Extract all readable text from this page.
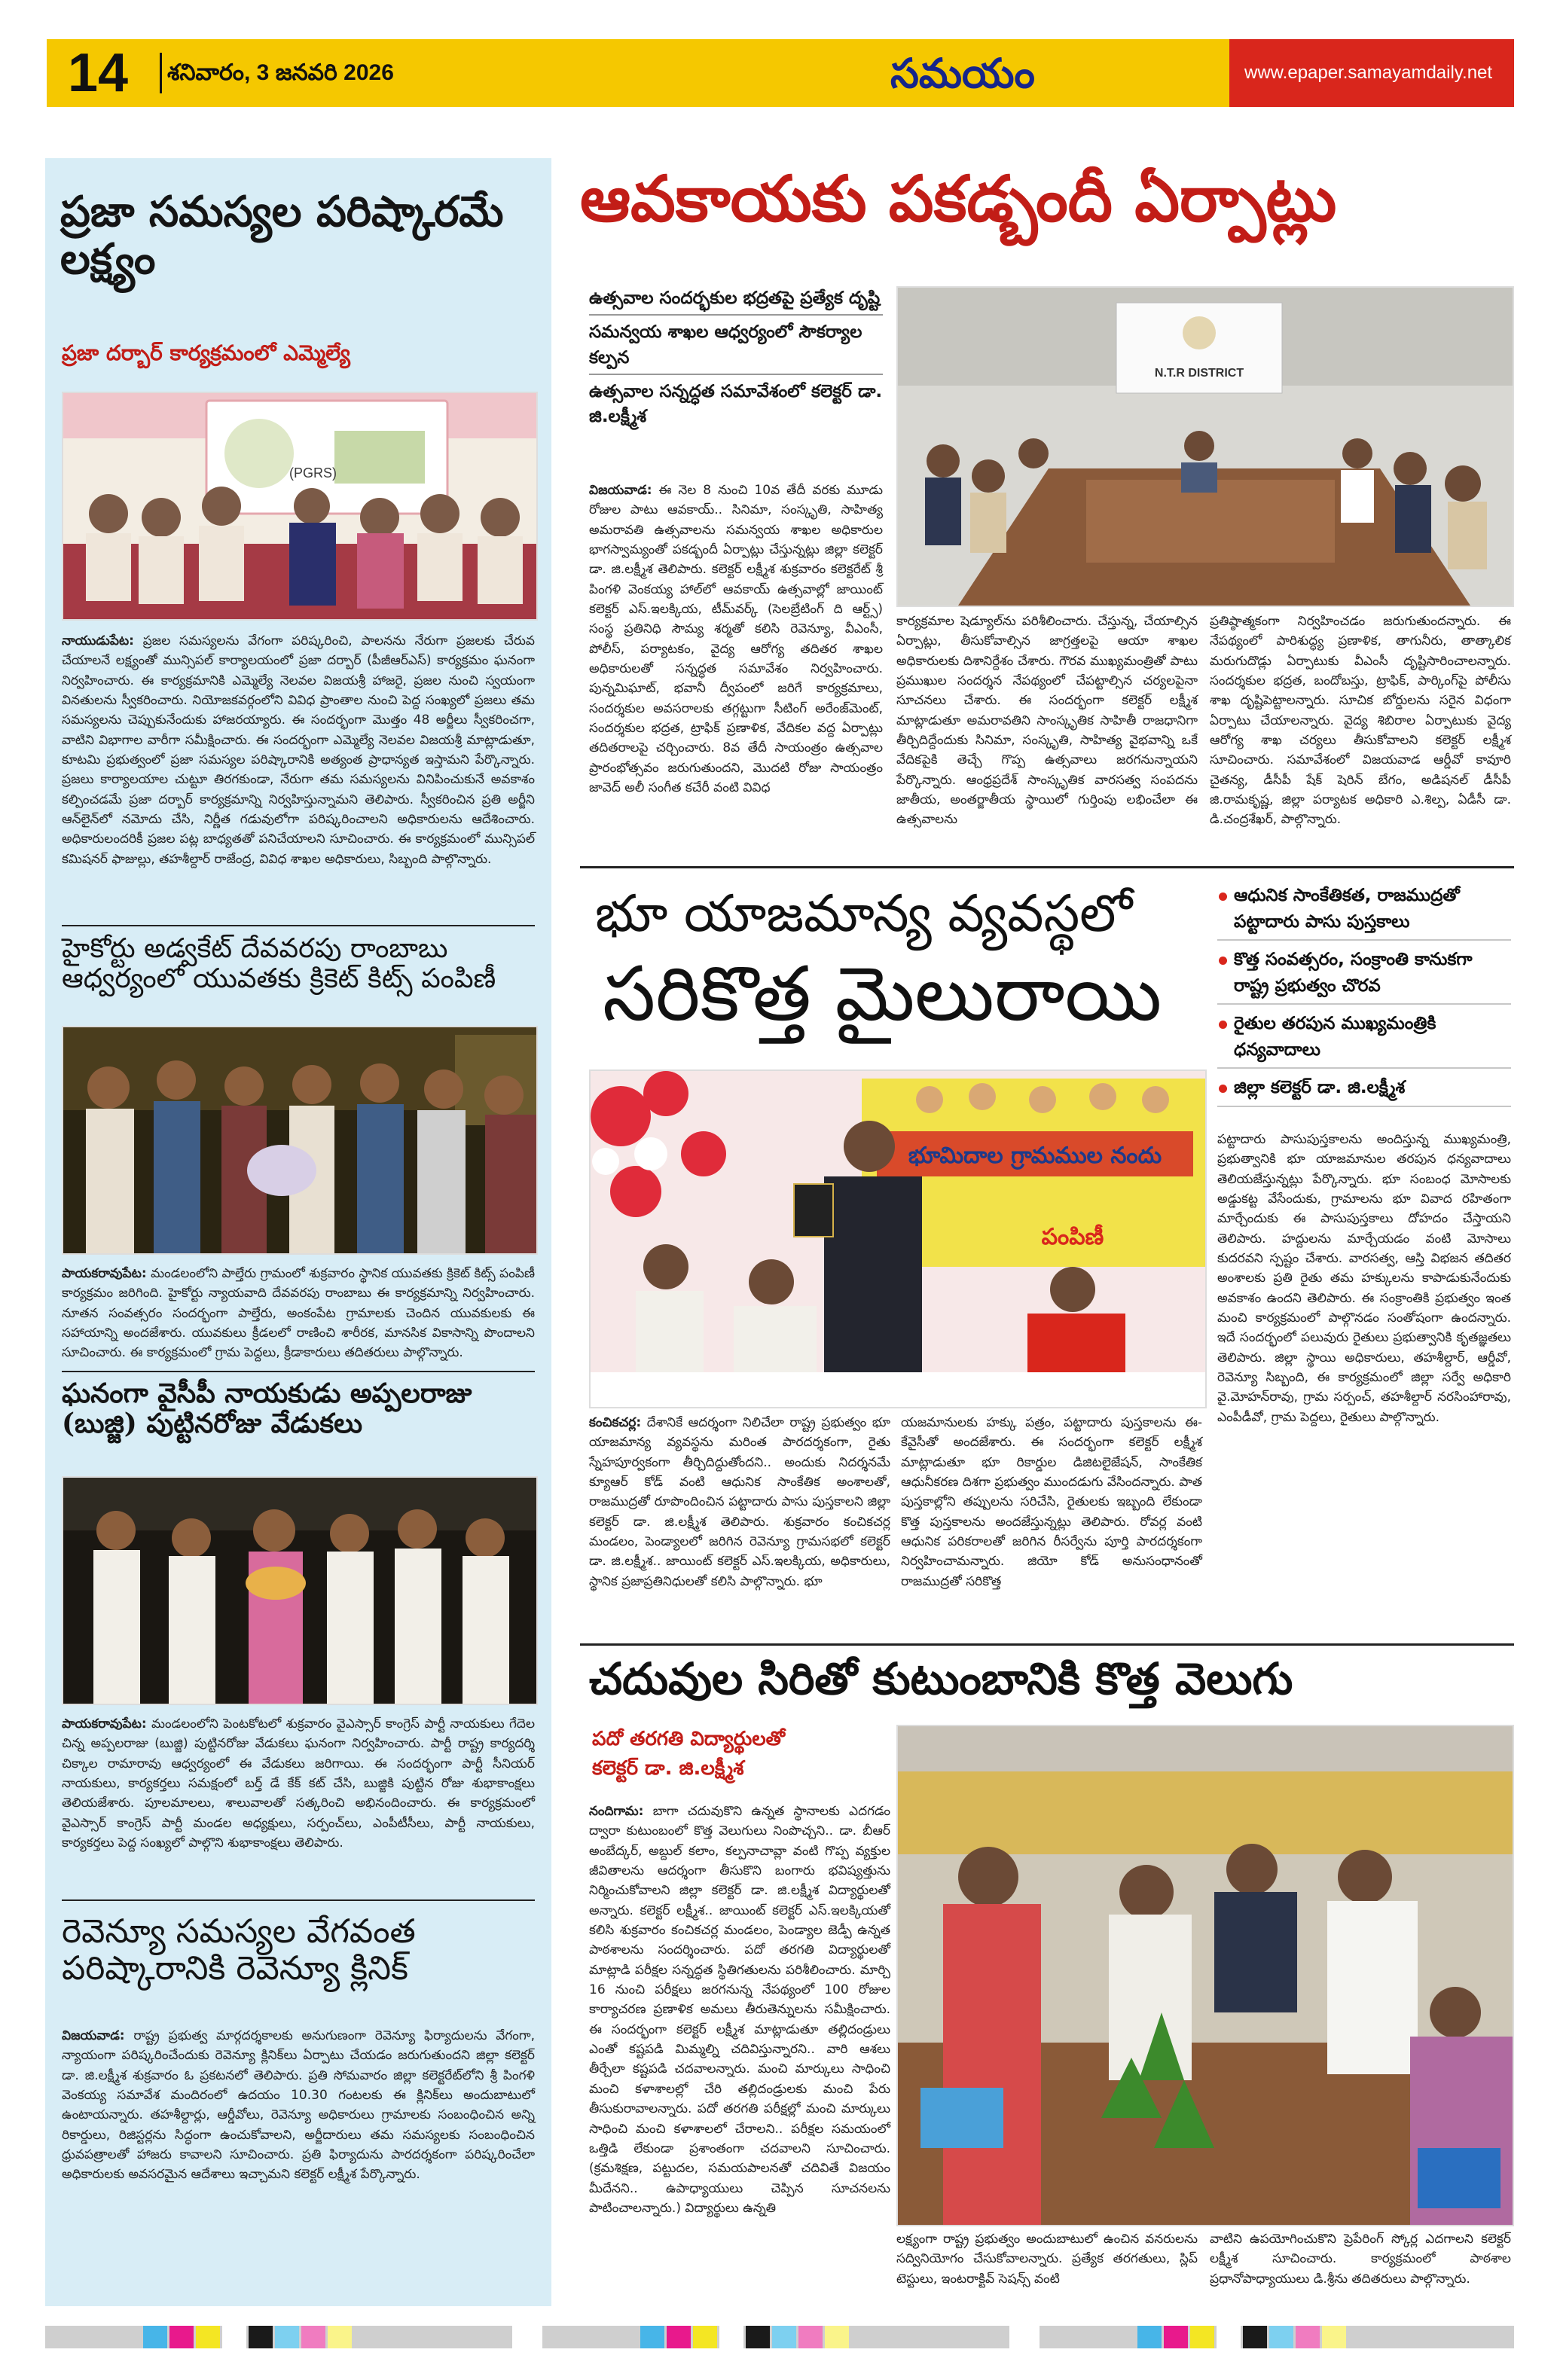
14	శనివారం, 3 జనవరి 2026	సమయం	www.epaper.samayamdaily.net
ప్రజా సమస్యల పరిష్కారమే లక్ష్యం
ప్రజా దర్బార్ కార్యక్రమంలో ఎమ్మెల్యే
(PGRS)
నాయుడుపేట: ప్రజల సమస్యలను వేగంగా పరిష్కరించి, పాలనను నేరుగా ప్రజలకు చేరువ చేయాలనే లక్ష్యంతో మున్సిపల్ కార్యాలయంలో ప్రజా దర్బార్ (పీజీఆర్ఎస్) కార్యక్రమం ఘనంగా నిర్వహించారు. ఈ కార్యక్రమానికి ఎమ్మెల్యే నెలవల విజయశ్రీ హాజరై, ప్రజల నుంచి స్వయంగా వినతులను స్వీకరించారు. నియోజకవర్గంలోని వివిధ ప్రాంతాల నుంచి పెద్ద సంఖ్యలో ప్రజలు తమ సమస్యలను చెప్పుకునేందుకు హాజరయ్యారు. ఈ సందర్భంగా మొత్తం 48 అర్జీలు స్వీకరించగా, వాటిని విభాగాల వారీగా సమీక్షించారు. ఈ సందర్భంగా ఎమ్మెల్యే నెలవల విజయశ్రీ మాట్లాడుతూ, కూటమి ప్రభుత్వంలో ప్రజా సమస్యల పరిష్కారానికి అత్యంత ప్రాధాన్యత ఇస్తామని పేర్కొన్నారు. ప్రజలు కార్యాలయాల చుట్టూ తిరగకుండా, నేరుగా తమ సమస్యలను వినిపించుకునే అవకాశం కల్పించడమే ప్రజా దర్బార్ కార్యక్రమాన్ని నిర్వహిస్తున్నామని తెలిపారు. స్వీకరించిన ప్రతి అర్జీని ఆన్‌లైన్‌లో నమోదు చేసి, నిర్ణీత గడువులోగా పరిష్కరించాలని అధికారులను ఆదేశించారు. అధికారులందరికీ ప్రజల పట్ల బాధ్యతతో పనిచేయాలని సూచించారు. ఈ కార్యక్రమంలో మున్సిపల్ కమిషనర్ ఫాజుల్లు, తహశీల్దార్ రాజేంద్ర, వివిధ శాఖల అధికారులు, సిబ్బంది పాల్గొన్నారు.
హైకోర్టు అడ్వకేట్ దేవవరపు రాంబాబు ఆధ్వర్యంలో యువతకు క్రికెట్ కిట్స్ పంపిణీ
పాయకరావుపేట: మండలంలోని పాల్తేరు గ్రామంలో శుక్రవారం స్థానిక యువతకు క్రికెట్ కిట్స్ పంపిణీ కార్యక్రమం జరిగింది. హైకోర్టు న్యాయవాది దేవవరపు రాంబాబు ఈ కార్యక్రమాన్ని నిర్వహించారు. నూతన సంవత్సరం సందర్భంగా పాల్తేరు, అంకంపేట గ్రామాలకు చెందిన యువకులకు ఈ సహాయాన్ని అందజేశారు. యువకులు క్రీడలలో రాణించి శారీరక, మానసిక వికాసాన్ని పొందాలని సూచించారు. ఈ కార్యక్రమంలో గ్రామ పెద్దలు, క్రీడాకారులు తదితరులు పాల్గొన్నారు.
ఘనంగా వైసీపీ నాయకుడు అప్పలరాజు (బుజ్జి) పుట్టినరోజు వేడుకలు
పాయకరావుపేట: మండలంలోని పెంటకోటలో శుక్రవారం వైఎస్సార్ కాంగ్రెస్ పార్టీ నాయకులు గేదెల చిన్న అప్పలరాజు (బుజ్జి) పుట్టినరోజు వేడుకలు ఘనంగా నిర్వహించారు. పార్టీ రాష్ట్ర కార్యదర్శి చిక్కాల రామారావు ఆధ్వర్యంలో ఈ వేడుకలు జరిగాయి. ఈ సందర్భంగా పార్టీ సీనియర్ నాయకులు, కార్యకర్తలు సమక్షంలో బర్త్ డే కేక్ కట్ చేసి, బుజ్జికి పుట్టిన రోజు శుభాకాంక్షలు తెలియజేశారు. పూలమాలలు, శాలువాలతో సత్కరించి అభినందించారు. ఈ కార్యక్రమంలో వైఎస్సార్ కాంగ్రెస్ పార్టీ మండల అధ్యక్షులు, సర్పంచ్‌లు, ఎంపీటీసీలు, పార్టీ నాయకులు, కార్యకర్తలు పెద్ద సంఖ్యలో పాల్గొని శుభాకాంక్షలు తెలిపారు.
రెవెన్యూ సమస్యల వేగవంత పరిష్కారానికి రెవెన్యూ క్లినిక్
విజయవాడ: రాష్ట్ర ప్రభుత్వ మార్గదర్శకాలకు అనుగుణంగా రెవెన్యూ ఫిర్యాదులను వేగంగా, న్యాయంగా పరిష్కరించేందుకు రెవెన్యూ క్లినిక్‌లు ఏర్పాటు చేయడం జరుగుతుందని జిల్లా కలెక్టర్ డా. జి.లక్ష్మీశ శుక్రవారం ఓ ప్రకటనలో తెలిపారు. ప్రతి సోమవారం జిల్లా కలెక్టరేట్‌లోని శ్రీ పింగళి వెంకయ్య సమావేశ మందిరంలో ఉదయం 10.30 గంటలకు ఈ క్లినిక్‌లు అందుబాటులో ఉంటాయన్నారు. తహశీల్దార్లు, ఆర్డీవోలు, రెవెన్యూ అధికారులు గ్రామాలకు సంబంధించిన అన్ని రికార్డులు, రిజిస్టర్లను సిద్ధంగా ఉంచుకోవాలని, అర్జీదారులు తమ సమస్యలకు సంబంధించిన ధ్రువపత్రాలతో హాజరు కావాలని సూచించారు. ప్రతి ఫిర్యాదును పారదర్శకంగా పరిష్కరించేలా అధికారులకు అవసరమైన ఆదేశాలు ఇచ్చామని కలెక్టర్ లక్ష్మీశ పేర్కొన్నారు.
ఆవకాయకు పకడ్బందీ ఏర్పాట్లు
ఉత్సవాల సందర్భకుల భద్రతపై ప్రత్యేక దృష్టి
సమన్వయ శాఖల ఆధ్వర్యంలో సౌకర్యాల కల్పన
ఉత్సవాల సన్నద్ధత సమావేశంలో కలెక్టర్ డా. జి.లక్ష్మీశ
N.T.R DISTRICT
విజయవాడ: ఈ నెల 8 నుంచి 10వ తేదీ వరకు మూడు రోజుల పాటు ఆవకాయ్.. సినిమా, సంస్కృతి, సాహిత్య అమరావతి ఉత్సవాలను సమన్వయ శాఖల అధికారుల భాగస్వామ్యంతో పకడ్బందీ ఏర్పాట్లు చేస్తున్నట్లు జిల్లా కలెక్టర్ డా. జి.లక్ష్మీశ తెలిపారు. కలెక్టర్ లక్ష్మీశ శుక్రవారం కలెక్టరేట్ శ్రీ పింగళి వెంకయ్య హాల్‌లో ఆవకాయ్ ఉత్సవాల్లో జాయింట్ కలెక్టర్ ఎస్.ఇలక్కియ, టీమ్‌వర్క్ (సెలబ్రేటింగ్ ది ఆర్ట్స్) సంస్థ ప్రతినిధి సౌమ్య శర్మతో కలిసి రెవెన్యూ, వీఎంసీ, పోలీస్, పర్యాటకం, వైద్య ఆరోగ్య తదితర శాఖల అధికారులతో సన్నద్ధత సమావేశం నిర్వహించారు. పున్నమిఘాట్, భవానీ ద్వీపంలో జరిగే కార్యక్రమాలు, సందర్శకుల అవసరాలకు తగ్గట్టుగా సీటింగ్ అరేంజ్‌మెంట్, సందర్శకుల భద్రత, ట్రాఫిక్ ప్రణాళిక, వేదికల వద్ద ఏర్పాట్లు తదితరాలపై చర్చించారు. 8వ తేదీ సాయంత్రం ఉత్సవాల ప్రారంభోత్సవం జరుగుతుందని, మొదటి రోజు సాయంత్రం జావెద్ అలీ సంగీత కచేరీ వంటి వివిధ
కార్యక్రమాల షెడ్యూల్‌ను పరిశీలించారు. చేస్తున్న, చేయాల్సిన ఏర్పాట్లు, తీసుకోవాల్సిన జాగ్రత్తలపై ఆయా శాఖల అధికారులకు దిశానిర్దేశం చేశారు. గౌరవ ముఖ్యమంత్రితో పాటు ప్రముఖుల సందర్శన నేపథ్యంలో చేపట్టాల్సిన చర్యలపైనా సూచనలు చేశారు. ఈ సందర్భంగా కలెక్టర్ లక్ష్మీశ మాట్లాడుతూ అమరావతిని సాంస్కృతిక సాహితీ రాజధానిగా తీర్చిదిద్దేందుకు సినిమా, సంస్కృతి, సాహిత్య వైభవాన్ని ఒకే వేదికపైకి తెచ్చే గొప్ప ఉత్సవాలు జరగనున్నాయని పేర్కొన్నారు. ఆంధ్రప్రదేశ్ సాంస్కృతిక వారసత్వ సంపదను జాతీయ, అంతర్జాతీయ స్థాయిలో గుర్తింపు లభించేలా ఈ ఉత్సవాలను
ప్రతిష్ఠాత్మకంగా నిర్వహించడం జరుగుతుందన్నారు. ఈ నేపథ్యంలో పారిశుద్ధ్య ప్రణాళిక, తాగునీరు, తాత్కాలిక మరుగుదొడ్లు ఏర్పాటుకు వీఎంసీ దృష్టిసారించాలన్నారు. సందర్శకుల భద్రత, బందోబస్తు, ట్రాఫిక్, పార్కింగ్‌పై పోలీసు శాఖ దృష్టిపెట్టాలన్నారు. సూచిక బోర్డులను సరైన విధంగా ఏర్పాటు చేయాలన్నారు. వైద్య శిబిరాల ఏర్పాటుకు వైద్య ఆరోగ్య శాఖ చర్యలు తీసుకోవాలని కలెక్టర్ లక్ష్మీశ సూచించారు. సమావేశంలో విజయవాడ ఆర్డీవో కావూరి చైతన్య, డీసీపీ షేక్ షెరిన్ బేగం, అడిషనల్ డీసీపీ జి.రామకృష్ణ, జిల్లా పర్యాటక అధికారి ఎ.శిల్ప, ఏడీసీ డా. డి.చంద్రశేఖర్, పాల్గొన్నారు.
భూ యాజమాన్య వ్యవస్థలో
సరికొత్త మైలురాయి
ఆధునిక సాంకేతికత, రాజముద్రతో పట్టాదారు పాసు పుస్తకాలు
కొత్త సంవత్సరం, సంక్రాంతి కానుకగా రాష్ట్ర ప్రభుత్వం చొరవ
రైతుల తరపున ముఖ్యమంత్రికి ధన్యవాదాలు
జిల్లా కలెక్టర్ డా. జి.లక్ష్మీశ
భూమిదాల గ్రామముల నందు
పంపిణీ
కంచికచర్ల: దేశానికే ఆదర్శంగా నిలిచేలా రాష్ట్ర ప్రభుత్వం భూ యాజమాన్య వ్యవస్థను మరింత పారదర్శకంగా, రైతు స్నేహపూర్వకంగా తీర్చిదిద్దుతోందని.. అందుకు నిదర్శనమే క్యూఆర్ కోడ్ వంటి ఆధునిక సాంకేతిక అంశాలతో, రాజముద్రతో రూపొందించిన పట్టాదారు పాసు పుస్తకాలని జిల్లా కలెక్టర్ డా. జి.లక్ష్మీశ తెలిపారు. శుక్రవారం కంచికచర్ల మండలం, పెండ్యాలలో జరిగిన రెవెన్యూ గ్రామసభలో కలెక్టర్ డా. జి.లక్ష్మీశ.. జాయింట్ కలెక్టర్ ఎస్.ఇలక్కియ, అధికారులు, స్థానిక ప్రజాప్రతినిధులతో కలిసి పాల్గొన్నారు. భూ
యజమానులకు హక్కు పత్రం, పట్టాదారు పుస్తకాలను ఈ-కేవైసీతో అందజేశారు. ఈ సందర్భంగా కలెక్టర్ లక్ష్మీశ మాట్లాడుతూ భూ రికార్డుల డిజిటలైజేషన్, సాంకేతిక ఆధునీకరణ దిశగా ప్రభుత్వం ముందడుగు వేసిందన్నారు. పాత పుస్తకాల్లోని తప్పులను సరిచేసి, రైతులకు ఇబ్బంది లేకుండా కొత్త పుస్తకాలను అందజేస్తున్నట్లు తెలిపారు. రోవర్ల వంటి ఆధునిక పరికరాలతో జరిగిన రీసర్వేను పూర్తి పారదర్శకంగా నిర్వహించామన్నారు. జియో కోడ్ అనుసంధానంతో రాజముద్రతో సరికొత్త
పట్టాదారు పాసుపుస్తకాలను అందిస్తున్న ముఖ్యమంత్రి, ప్రభుత్వానికి భూ యాజమానుల తరపున ధన్యవాదాలు తెలియజేస్తున్నట్లు పేర్కొన్నారు. భూ సంబంధ మోసాలకు అడ్డుకట్ట వేసేందుకు, గ్రామాలను భూ వివాద రహితంగా మార్చేందుకు ఈ పాసుపుస్తకాలు దోహదం చేస్తాయని తెలిపారు. హద్దులను మార్చేయడం వంటి మోసాలు కుదరవని స్పష్టం చేశారు. వారసత్వ, ఆస్తి విభజన తదితర అంశాలకు ప్రతి రైతు తమ హక్కులను కాపాడుకునేందుకు అవకాశం ఉందని తెలిపారు. ఈ సంక్రాంతికి ప్రభుత్వం ఇంత మంచి కార్యక్రమంలో పాల్గొనడం సంతోషంగా ఉందన్నారు. ఇదే సందర్భంలో పలువురు రైతులు ప్రభుత్వానికి కృతజ్ఞతలు తెలిపారు. జిల్లా స్థాయి అధికారులు, తహశీల్దార్, ఆర్డీవో, రెవెన్యూ సిబ్బంది, ఈ కార్యక్రమంలో జిల్లా సర్వే అధికారి వై.మోహన్‌రావు, గ్రామ సర్పంచ్, తహశీల్దార్ నరసింహారావు, ఎంపీడీవో, గ్రామ పెద్దలు, రైతులు పాల్గొన్నారు.
చదువుల సిరితో కుటుంబానికి కొత్త వెలుగు
పదో తరగతి విద్యార్థులతో
కలెక్టర్ డా. జి.లక్ష్మీశ
నందిగామ: బాగా చదువుకొని ఉన్నత స్థానాలకు ఎదగడం ద్వారా కుటుంబంలో కొత్త వెలుగులు నింపొచ్చని.. డా. బీఆర్ అంబేద్కర్, అబ్దుల్ కలాం, కల్పనాచావ్లా వంటి గొప్ప వ్యక్తుల జీవితాలను ఆదర్శంగా తీసుకొని బంగారు భవిష్యత్తును నిర్మించుకోవాలని జిల్లా కలెక్టర్ డా. జి.లక్ష్మీశ విద్యార్థులతో అన్నారు. కలెక్టర్ లక్ష్మీశ.. జాయింట్ కలెక్టర్ ఎస్.ఇలక్కియతో కలిసి శుక్రవారం కంచికచర్ల మండలం, పెండ్యాల జెడ్పీ ఉన్నత పాఠశాలను సందర్శించారు. పదో తరగతి విద్యార్థులతో మాట్లాడి పరీక్షల సన్నద్ధత స్థితిగతులను పరిశీలించారు. మార్చి 16 నుంచి పరీక్షలు జరగనున్న నేపథ్యంలో 100 రోజుల కార్యాచరణ ప్రణాళిక అమలు తీరుతెన్నులను సమీక్షించారు. ఈ సందర్భంగా కలెక్టర్ లక్ష్మీశ మాట్లాడుతూ తల్లిదండ్రులు ఎంతో కష్టపడి మిమ్మల్ని చదివిస్తున్నారని.. వారి ఆశలు తీర్చేలా కష్టపడి చదవాలన్నారు. మంచి మార్కులు సాధించి మంచి కళాశాలల్లో చేరి తల్లిదండ్రులకు మంచి పేరు తీసుకురావాలన్నారు. పదో తరగతి పరీక్షల్లో మంచి మార్కులు సాధించి మంచి కళాశాలలో చేరాలని.. పరీక్షల సమయంలో ఒత్తిడి లేకుండా ప్రశాంతంగా చదవాలని సూచించారు. (క్రమశిక్షణ, పట్టుదల, సమయపాలనతో చదివితే విజయం మీదేనని.. ఉపాధ్యాయులు చెప్పిన సూచనలను పాటించాలన్నారు.) విద్యార్థులు ఉన్నతి
లక్ష్యంగా రాష్ట్ర ప్రభుత్వం అందుబాటులో ఉంచిన వనరులను సద్వినియోగం చేసుకోవాలన్నారు. ప్రత్యేక తరగతులు, స్లిప్ టెస్టులు, ఇంటరాక్టివ్ సెషన్స్ వంటి
వాటిని ఉపయోగించుకొని ప్రెపేరింగ్ స్కోర్ల ఎదగాలని కలెక్టర్ లక్ష్మీశ సూచించారు. కార్యక్రమంలో పాఠశాల ప్రధానోపాధ్యాయులు డి.శ్రీను తదితరులు పాల్గొన్నారు.
